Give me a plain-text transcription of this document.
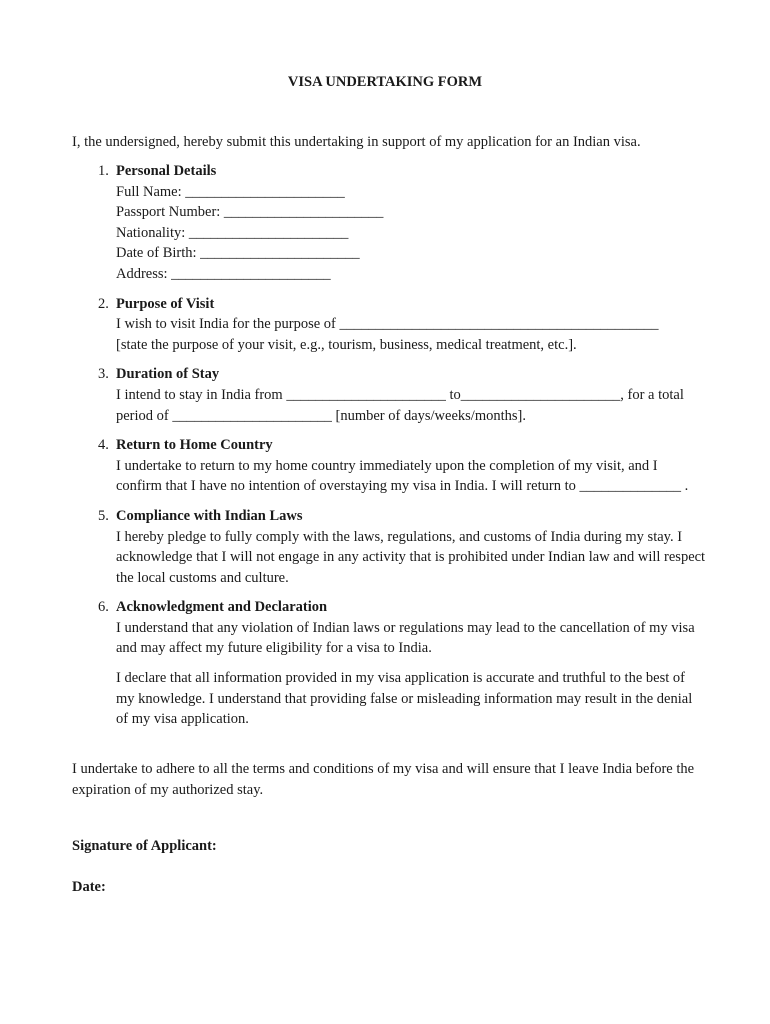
VISA UNDERTAKING FORM
I, the undersigned, hereby submit this undertaking in support of my application for an Indian visa.
1. Personal Details

Full Name: ______________________

Passport Number: ______________________

Nationality: ______________________

Date of Birth: ______________________

Address: ______________________

2. Purpose of Visit

I wish to visit India for the purpose of ____________________________________________

[state the purpose of your visit, e.g., tourism, business, medical treatment, etc.].

3. Duration of Stay

I intend to stay in India from ______________________ to______________________, for a total period of ______________________ [number of days/weeks/months].

4. Return to Home Country

I undertake to return to my home country immediately upon the completion of my visit, and I confirm that I have no intention of overstaying my visa in India. I will return to ______________ .

5. Compliance with Indian Laws

I hereby pledge to fully comply with the laws, regulations, and customs of India during my stay. I acknowledge that I will not engage in any activity that is prohibited under Indian law and will respect the local customs and culture.

6. Acknowledgment and Declaration

I understand that any violation of Indian laws or regulations may lead to the cancellation of my visa and may affect my future eligibility for a visa to India.

I declare that all information provided in my visa application is accurate and truthful to the best of my knowledge. I understand that providing false or misleading information may result in the denial of my visa application.

I undertake to adhere to all the terms and conditions of my visa and will ensure that I leave India before the expiration of my authorized stay.
Signature of Applicant:
Date:
